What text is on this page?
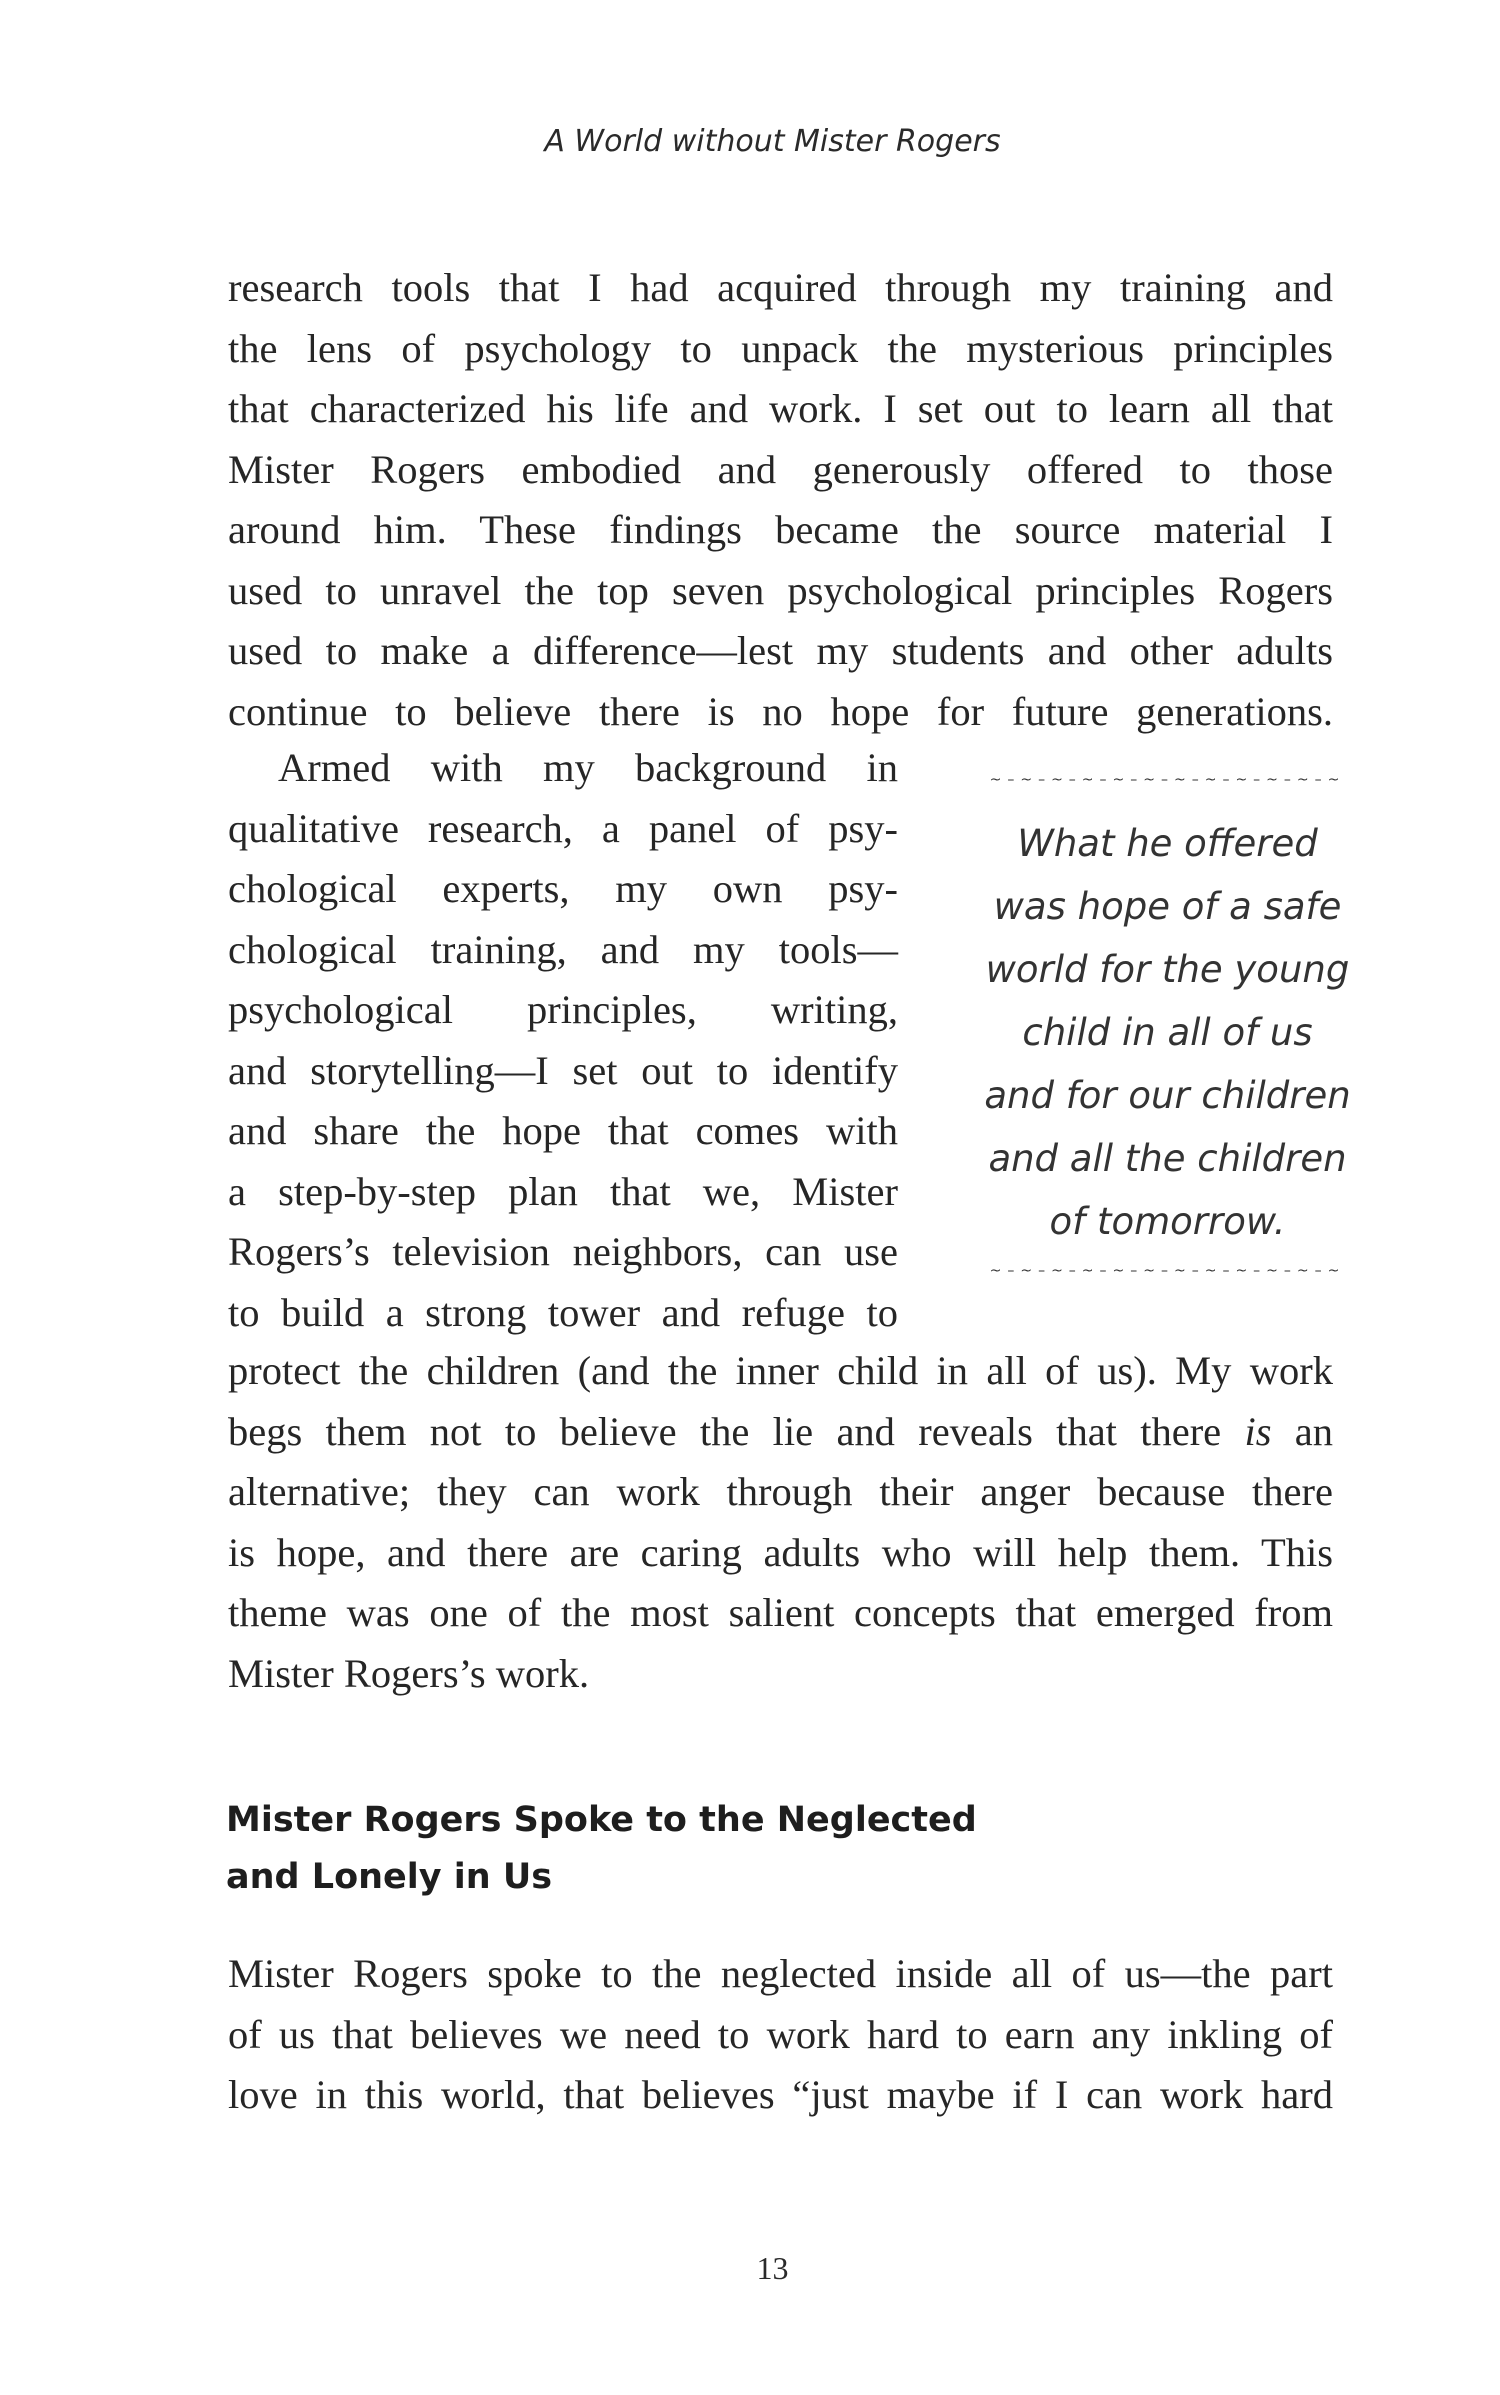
A World without Mister Rogers
research tools that I had acquired through my training and
the lens of psychology to unpack the mysterious principles
that characterized his life and work. I set out to learn all that
Mister Rogers embodied and generously offered to those
around him. These findings became the source material I
used to unravel the top seven psychological principles Rogers
used to make a difference—lest my students and other adults
continue to believe there is no hope for future generations.
Armed with my background in
qualitative research, a panel of psy-
chological experts, my own psy-
chological training, and my tools—
psychological principles, writing,
and storytelling—I set out to identify
and share the hope that comes with
a step-by-step plan that we, Mister
Rogers’s television neighbors, can use
to build a strong tower and refuge to
protect the children (and the inner child in all of us). My work
begs them not to believe the lie and reveals that there is an
alternative; they can work through their anger because there
is hope, and there are caring adults who will help them. This
theme was one of the most salient concepts that emerged from
Mister Rogers’s work.
~–~–~–~–~–~–~–~–~–~–~–~
What he offered
was hope of a safe
world for the young
child in all of us
and for our children
and all the children
of tomorrow.
~–~–~–~–~–~–~–~–~–~–~–~
Mister Rogers Spoke to the Neglected
and Lonely in Us
Mister Rogers spoke to the neglected inside all of us—the part
of us that believes we need to work hard to earn any inkling of
love in this world, that believes “just maybe if I can work hard
13
